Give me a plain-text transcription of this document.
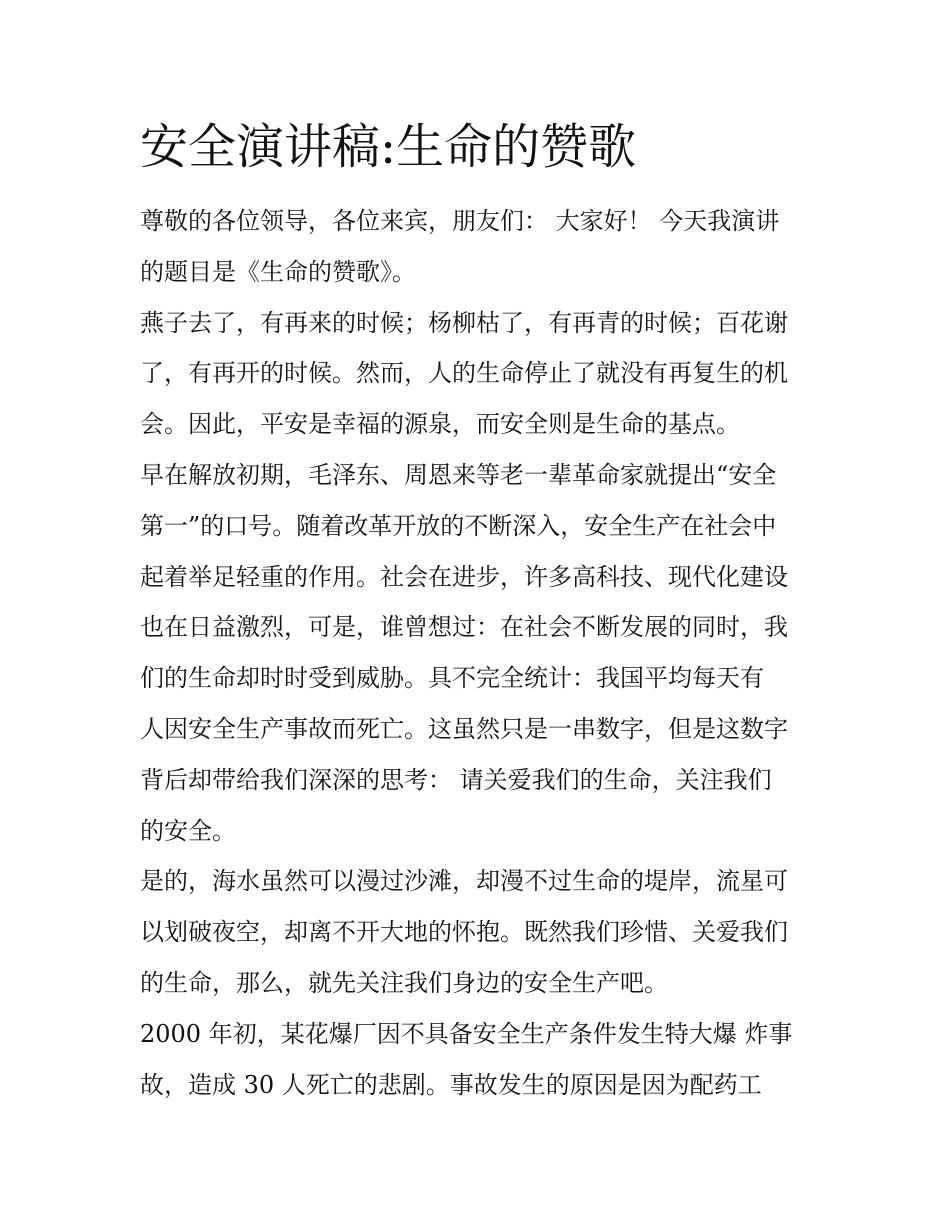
安全演讲稿:生命的赞歌

尊敬的各位领导，各位来宾，朋友们： 大家好！ 今天我演讲
的题目是《生命的赞歌》。

燕子去了，有再来的时候；杨柳枯了，有再青的时候；百花谢
了，有再开的时候。然而，人的生命停止了就没有再复生的机
会。因此，平安是幸福的源泉，而安全则是生命的基点。

早在解放初期，毛泽东、周恩来等老一辈革命家就提出“安全
第一”的口号。随着改革开放的不断深入，安全生产在社会中
起着举足轻重的作用。社会在进步，许多高科技、现代化建设
也在日益激烈，可是，谁曾想过：在社会不断发展的同时，我
们的生命却时时受到威胁。具不完全统计：我国平均每天有
人因安全生产事故而死亡。这虽然只是一串数字，但是这数字
背后却带给我们深深的思考： 请关爱我们的生命，关注我们
的安全。

是的，海水虽然可以漫过沙滩，却漫不过生命的堤岸，流星可
以划破夜空，却离不开大地的怀抱。既然我们珍惜、关爱我们
的生命，那么，就先关注我们身边的安全生产吧。

2000 年初，某花爆厂因不具备安全生产条件发生特大爆 炸事
故，造成 30 人死亡的悲剧。事故发生的原因是因为配药工
